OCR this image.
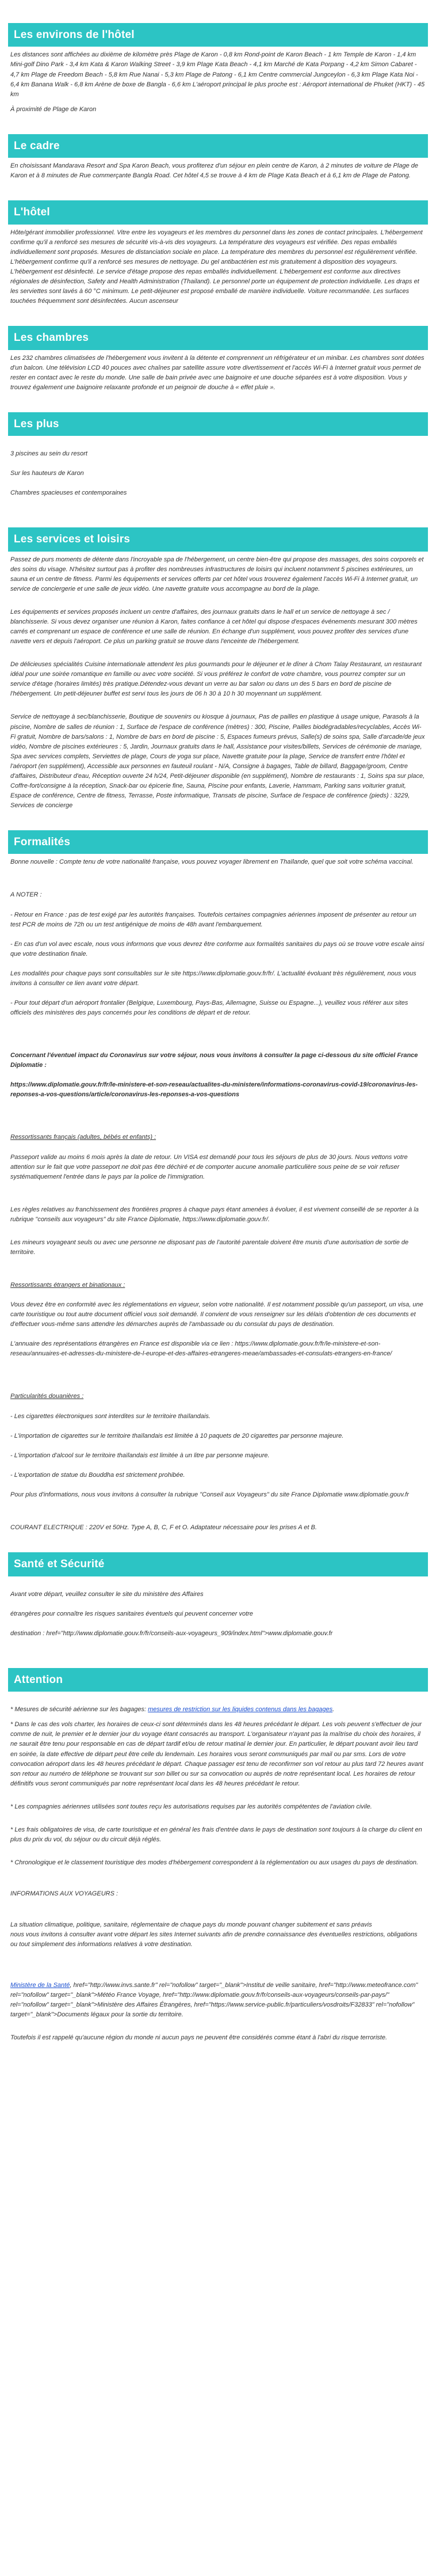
Les environs de l'hôtel

Les distances sont affichées au dixième de kilomètre près Plage de Karon - 0,8 km Rond-point de Karon Beach - 1 km Temple de Karon - 1,4 km Mini-golf Dino Park - 3,4 km Kata & Karon Walking Street - 3,9 km Plage Kata Beach - 4,1 km Marché de Kata Porpang - 4,2 km Simon Cabaret - 4,7 km Plage de Freedom Beach - 5,8 km Rue Nanai - 5,3 km Plage de Patong - 6,1 km Centre commercial Jungceylon - 6,3 km Plage Kata Noi - 6,4 km Banana Walk - 6,8 km Arène de boxe de Bangla - 6,6 km L'aéroport principal le plus proche est : Aéroport international de Phuket (HKT) - 45 km

À proximité de Plage de Karon

Le cadre

En choisissant Mandarava Resort and Spa Karon Beach, vous profiterez d'un séjour en plein centre de Karon, à 2 minutes de voiture de Plage de Karon et à 8 minutes de Rue commerçante Bangla Road. Cet hôtel 4,5 se trouve à 4 km de Plage Kata Beach et à 6,1 km de Plage de Patong.

L'hôtel

Hôte/gérant immobilier professionnel. Vitre entre les voyageurs et les membres du personnel dans les zones de contact principales. L'hébergement confirme qu'il a renforcé ses mesures de sécurité vis-à-vis des voyageurs. La température des voyageurs est vérifiée. Des repas emballés individuellement sont proposés. Mesures de distanciation sociale en place. La température des membres du personnel est régulièrement vérifiée. L'hébergement confirme qu'il a renforcé ses mesures de nettoyage. Du gel antibactérien est mis gratuitement à disposition des voyageurs. L'hébergement est désinfecté. Le service d'étage propose des repas emballés individuellement. L'hébergement est conforme aux directives régionales de désinfection, Safety and Health Administration (Thailand). Le personnel porte un équipement de protection individuelle. Les draps et les serviettes sont lavés à 60 °C minimum. Le petit-déjeuner est proposé emballé de manière individuelle. Voiture recommandée. Les surfaces touchées fréquemment sont désinfectées. Aucun ascenseur

Les chambres

Les 232 chambres climatisées de l'hébergement vous invitent à la détente et comprennent un réfrigérateur et un minibar. Les chambres sont dotées d'un balcon. Une télévision LCD 40 pouces avec chaînes par satellite assure votre divertissement et l'accès Wi-Fi à Internet gratuit vous permet de rester en contact avec le reste du monde. Une salle de bain privée avec une baignoire et une douche séparées est à votre disposition. Vous y trouvez également une baignoire relaxante profonde et un peignoir de douche à « effet pluie ».

Les plus

3 piscines au sein du resort

Sur les hauteurs de Karon

Chambres spacieuses et contemporaines

Les services et loisirs

Passez de purs moments de détente dans l'incroyable spa de l'hébergement, un centre bien-être qui propose des massages, des soins corporels et des soins du visage. N'hésitez surtout pas à profiter des nombreuses infrastructures de loisirs qui incluent notamment 5 piscines extérieures, un sauna et un centre de fitness. Parmi les équipements et services offerts par cet hôtel vous trouverez également l'accès Wi-Fi à Internet gratuit, un service de conciergerie et une salle de jeux vidéo. Une navette gratuite vous accompagne au bord de la plage.

Les équipements et services proposés incluent un centre d'affaires, des journaux gratuits dans le hall et un service de nettoyage à sec / blanchisserie. Si vous devez organiser une réunion à Karon, faites confiance à cet hôtel qui dispose d'espaces événements mesurant 300 mètres carrés et comprenant un espace de conférence et une salle de réunion. En échange d'un supplément, vous pouvez profiter des services d'une navette vers et depuis l'aéroport. Ce plus un parking gratuit se trouve dans l'enceinte de l'hébergement.

De délicieuses spécialités Cuisine internationale attendent les plus gourmands pour le déjeuner et le dîner à Chom Talay Restaurant, un restaurant idéal pour une soirée romantique en famille ou avec votre société. Si vous préférez le confort de votre chambre, vous pourrez compter sur un service d'étage (horaires limités) très pratique.Détendez-vous devant un verre au bar salon ou dans un des 5 bars en bord de piscine de l'hébergement. Un petit-déjeuner buffet est servi tous les jours de 06 h 30 à 10 h 30 moyennant un supplément.

Service de nettoyage à sec/blanchisserie, Boutique de souvenirs ou kiosque à journaux, Pas de pailles en plastique à usage unique, Parasols à la piscine, Nombre de salles de réunion : 1, Surface de l'espace de conférence (mètres) : 300, Piscine, Pailles biodégradables/recyclables, Accès Wi-Fi gratuit, Nombre de bars/salons : 1, Nombre de bars en bord de piscine : 5, Espaces fumeurs prévus, Salle(s) de soins spa, Salle d'arcade/de jeux vidéo, Nombre de piscines extérieures : 5, Jardin, Journaux gratuits dans le hall, Assistance pour visites/billets, Services de cérémonie de mariage, Spa avec services complets, Serviettes de plage, Cours de yoga sur place, Navette gratuite pour la plage, Service de transfert entre l'hôtel et l'aéroport (en supplément), Accessible aux personnes en fauteuil roulant - N/A, Consigne à bagages, Table de billard, Baggage/groom, Centre d'affaires, Distributeur d'eau, Réception ouverte 24 h/24, Petit-déjeuner disponible (en supplément), Nombre de restaurants : 1, Soins spa sur place, Coffre-fort/consigne à la réception, Snack-bar ou épicerie fine, Sauna, Piscine pour enfants, Laverie, Hammam, Parking sans voiturier gratuit, Espace de conférence, Centre de fitness, Terrasse, Poste informatique, Transats de piscine, Surface de l'espace de conférence (pieds) : 3229, Services de concierge

Formalités

Bonne nouvelle : Compte tenu de votre nationalité française, vous pouvez voyager librement en Thaïlande, quel que soit votre schéma vaccinal.

A NOTER :

- Retour en France : pas de test exigé par les autorités françaises. Toutefois certaines compagnies aériennes imposent de présenter au retour un test PCR de moins de 72h ou un test antigénique de moins de 48h avant l'embarquement.

- En cas d'un vol avec escale, nous vous informons que vous devrez être conforme aux formalités sanitaires du pays où se trouve votre escale ainsi que votre destination finale.

Les modalités pour chaque pays sont consultables sur le site https://www.diplomatie.gouv.fr/fr/. L'actualité évoluant très régulièrement, nous vous invitons à consulter ce lien avant votre départ.

- Pour tout départ d'un aéroport frontalier (Belgique, Luxembourg, Pays-Bas, Allemagne, Suisse ou Espagne...), veuillez vous référer aux sites officiels des ministères des pays concernés pour les conditions de départ et de retour.

Concernant l'éventuel impact du Coronavirus sur votre séjour, nous vous invitons à consulter la page ci-dessous du site officiel France Diplomatie :

https://www.diplomatie.gouv.fr/fr/le-ministere-et-son-reseau/actualites-du-ministere/informations-coronavirus-covid-19/coronavirus-les-reponses-a-vos-questions/article/coronavirus-les-reponses-a-vos-questions

Ressortissants français (adultes, bébés et enfants) :

Passeport valide au moins 6 mois après la date de retour. Un VISA est demandé pour tous les séjours de plus de 30 jours. Nous vettons votre attention sur le fait que votre passeport ne doit pas être déchiré et de comporter aucune anomalie particulière sous peine de se voir refuser systématiquement l'entrée dans le pays par la police de l'immigration.

Les règles relatives au franchissement des frontières propres à chaque pays étant amenées à évoluer, il est vivement conseillé de se reporter à la rubrique "conseils aux voyageurs" du site France Diplomatie, https://www.diplomatie.gouv.fr/.

Les mineurs voyageant seuls ou avec une personne ne disposant pas de l'autorité parentale doivent être munis d'une autorisation de sortie de territoire.

Ressortissants étrangers et binationaux :

Vous devez être en conformité avec les réglementations en vigueur, selon votre nationalité. Il est notamment possible qu'un passeport, un visa, une carte touristique ou tout autre document officiel vous soit demandé. Il convient de vous renseigner sur les délais d'obtention de ces documents et d'effectuer vous-même sans attendre les démarches auprès de l'ambassade ou du consulat du pays de destination.

L'annuaire des représentations étrangères en France est disponible via ce lien : https://www.diplomatie.gouv.fr/fr/le-ministere-et-son-reseau/annuaires-et-adresses-du-ministere-de-l-europe-et-des-affaires-etrangeres-meae/ambassades-et-consulats-etrangers-en-france/

Particularités douanières :

- Les cigarettes électroniques sont interdites sur le territoire thaïlandais.

- L'importation de cigarettes sur le territoire thaïlandais est limitée à 10 paquets de 20 cigarettes par personne majeure.

- L'importation d'alcool sur le territoire thaïlandais est limitée à un litre par personne majeure.

- L'exportation de statue du Bouddha est strictement prohibée.

Pour plus d'informations, nous vous invitons à consulter la rubrique "Conseil aux Voyageurs" du site France Diplomatie www.diplomatie.gouv.fr

COURANT ELECTRIQUE : 220V et 50Hz. Type A, B, C, F et O. Adaptateur nécessaire pour les prises A et B.

Santé et Sécurité

Avant votre départ, veuillez consulter le site du ministère des Affaires

étrangères pour connaître les risques sanitaires éventuels qui peuvent concerner votre

destination : href="http://www.diplomatie.gouv.fr/fr/conseils-aux-voyageurs_909/index.html">www.diplomatie.gouv.fr

Attention

* Mesures de sécurité aérienne sur les bagages: mesures de restriction sur les liquides contenus dans les bagages.

* Dans le cas des vols charter, les horaires de ceux-ci sont déterminés dans les 48 heures précédant le départ. Les vols peuvent s'effectuer de jour comme de nuit, le premier et le dernier jour du voyage étant consacrés au transport. L'organisateur n'ayant pas la maîtrise du choix des horaires, il ne saurait être tenu pour responsable en cas de départ tardif et/ou de retour matinal le dernier jour. En particulier, le départ pouvant avoir lieu tard en soirée, la date effective de départ peut être celle du lendemain. Les horaires vous seront communiqués par mail ou par sms. Lors de votre convocation aéroport dans les 48 heures précédant le départ. Chaque passager est tenu de reconfirmer son vol retour au plus tard 72 heures avant son retour au numéro de téléphone se trouvant sur son billet ou sur sa convocation ou auprès de notre représentant local. Les horaires de retour définitifs vous seront communiqués par notre représentant local dans les 48 heures précédant le retour.

* Les compagnies aériennes utilisées sont toutes reçu les autorisations requises par les autorités compétentes de l'aviation civile.

* Les frais obligatoires de visa, de carte touristique et en général les frais d'entrée dans le pays de destination sont toujours à la charge du client en plus du prix du vol, du séjour ou du circuit déjà réglés.

* Chronologique et le classement touristique des modes d'hébergement correspondent à la réglementation ou aux usages du pays de destination.

INFORMATIONS AUX VOYAGEURS :

La situation climatique, politique, sanitaire, réglementaire de chaque pays du monde pouvant changer subitement et sans préavis
nous vous invitons à consulter avant votre départ les sites Internet suivants afin de prendre connaissance des éventuelles restrictions, obligations ou tout simplement des informations relatives à votre destination.

Ministère de la Santé, href="http://www.invs.sante.fr" rel="nofollow" target="_blank">Institut de veille sanitaire, href="http://www.meteofrance.com" rel="nofollow" target="_blank">Météo France Voyage, href="http://www.diplomatie.gouv.fr/fr/conseils-aux-voyageurs/conseils-par-pays/" rel="nofollow" target="_blank">Ministère des Affaires Étrangères, href="https://www.service-public.fr/particuliers/vosdroits/F32833" rel="nofollow" target="_blank">Documents légaux pour la sortie du territoire.

Toutefois il est rappelé qu'aucune région du monde ni aucun pays ne peuvent être considérés comme étant à l'abri du risque terroriste.
